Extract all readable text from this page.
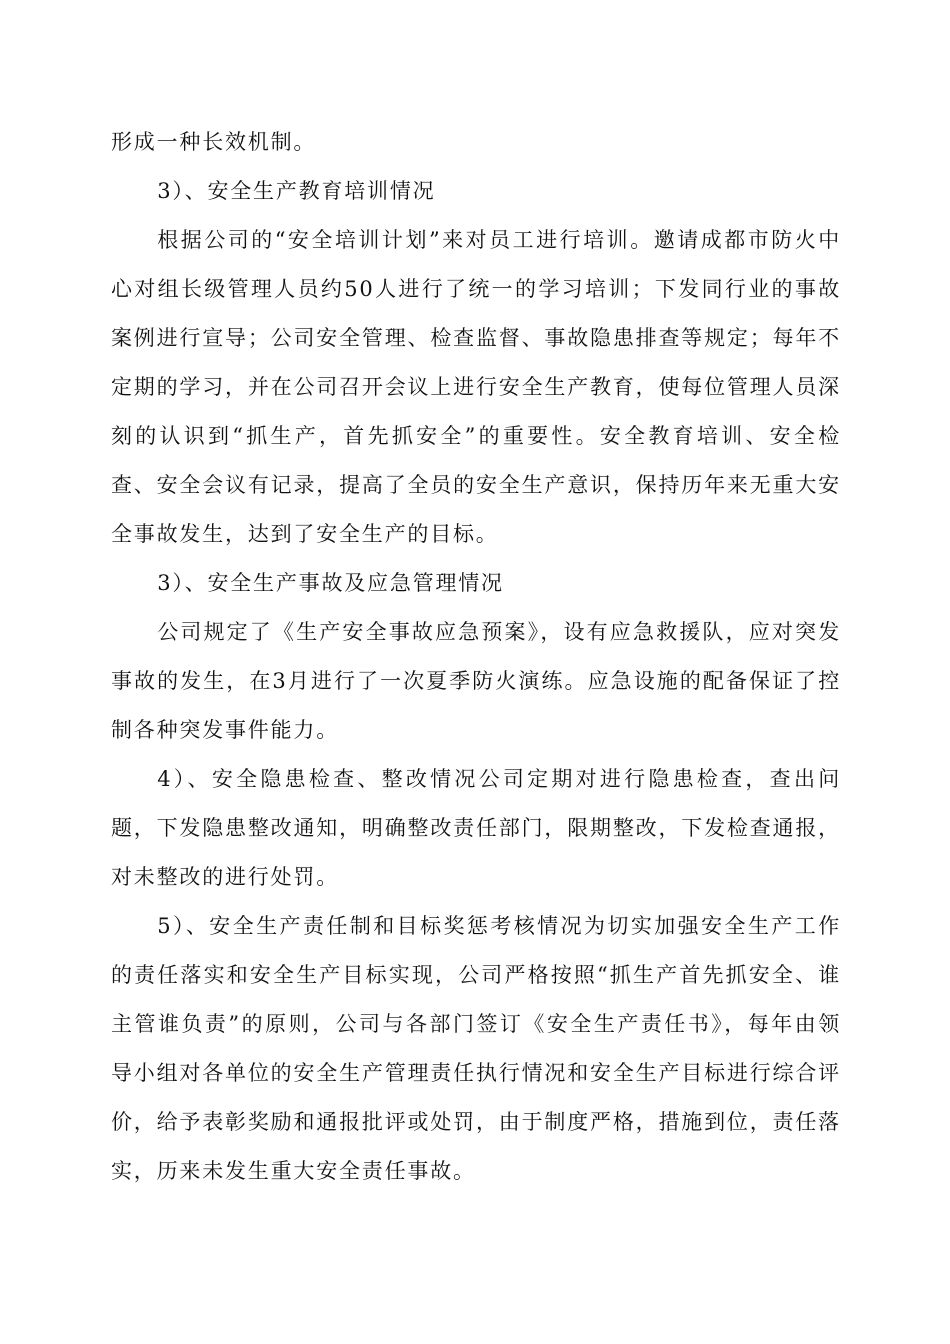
形成一种长效机制。

3）、安全生产教育培训情况

根据公司的“安全培训计划”来对员工进行培训。邀请成都市防火中心对组长级管理人员约50人进行了统一的学习培训；下发同行业的事故案例进行宣导；公司安全管理、检查监督、事故隐患排查等规定；每年不定期的学习，并在公司召开会议上进行安全生产教育，使每位管理人员深刻的认识到“抓生产，首先抓安全”的重要性。安全教育培训、安全检查、安全会议有记录，提高了全员的安全生产意识，保持历年来无重大安全事故发生，达到了安全生产的目标。

3）、安全生产事故及应急管理情况

公司规定了《生产安全事故应急预案》，设有应急救援队，应对突发事故的发生，在3月进行了一次夏季防火演练。应急设施的配备保证了控制各种突发事件能力。

4）、安全隐患检查、整改情况公司定期对进行隐患检查，查出问题，下发隐患整改通知，明确整改责任部门，限期整改，下发检查通报，对未整改的进行处罚。

5）、安全生产责任制和目标奖惩考核情况为切实加强安全生产工作的责任落实和安全生产目标实现，公司严格按照“抓生产首先抓安全、谁主管谁负责”的原则，公司与各部门签订《安全生产责任书》，每年由领导小组对各单位的安全生产管理责任执行情况和安全生产目标进行综合评价，给予表彰奖励和通报批评或处罚，由于制度严格，措施到位，责任落实，历来未发生重大安全责任事故。
